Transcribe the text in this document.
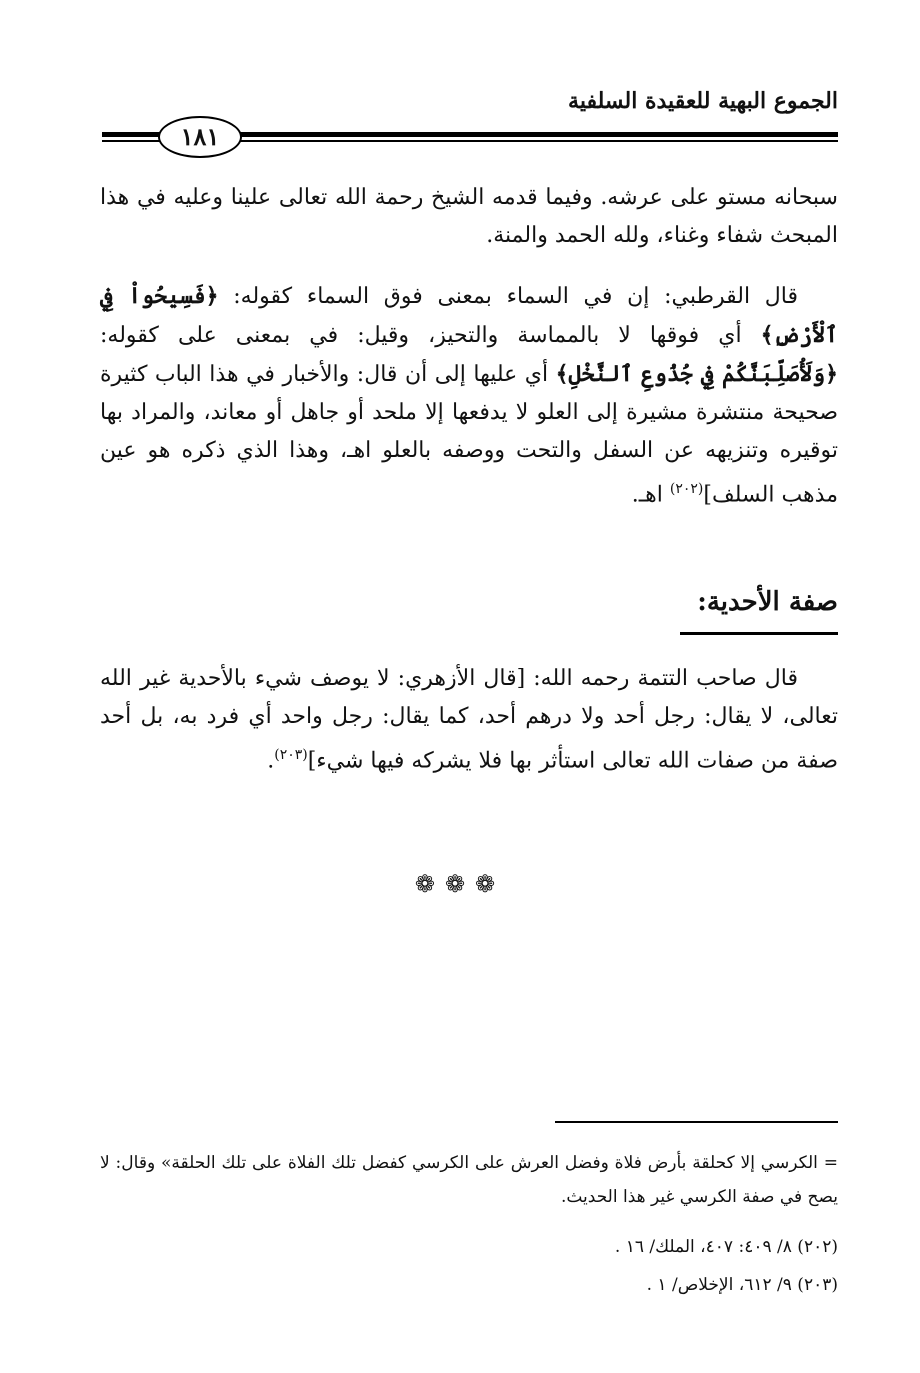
الجموع البهية للعقيدة السلفية
١٨١

سبحانه مستو على عرشه. وفيما قدمه الشيخ رحمة الله تعالى علينا وعليه في هذا المبحث شفاء وغناء، ولله الحمد والمنة.

قال القرطبي: إن في السماء بمعنى فوق السماء كقوله: ﴿فَسِيحُواْ فِي ٱلْأَرْضِ﴾ أي فوقها لا بالمماسة والتحيز، وقيل: في بمعنى على كقوله: ﴿وَلَأُصَلِّبَنَّكُمْ فِي جُذُوعِ ٱلنَّخْلِ﴾ أي عليها إلى أن قال: والأخبار في هذا الباب كثيرة صحيحة منتشرة مشيرة إلى العلو لا يدفعها إلا ملحد أو جاهل أو معاند، والمراد بها توقيره وتنزيهه عن السفل والتحت ووصفه بالعلو اهـ، وهذا الذي ذكره هو عين مذهب السلف]$^{(٢٠٢)}$ اهـ.

صفة الأحدية:

قال صاحب التتمة رحمه الله: [قال الأزهري: لا يوصف شيء بالأحدية غير الله تعالى، لا يقال: رجل أحد ولا درهم أحد، كما يقال: رجل واحد أي فرد به، بل أحد صفة من صفات الله تعالى استأثر بها فلا يشركه فيها شيء]$^{(٢٠٣)}$.

❁❁❁

= الكرسي إلا كحلقة بأرض فلاة وفضل العرش على الكرسي كفضل تلك الفلاة على تلك الحلقة» وقال: لا يصح في صفة الكرسي غير هذا الحديث.

(٢٠٢) ٨/ ٤٠٩: ٤٠٧، الملك/ ١٦ .

(٢٠٣) ٩/ ٦١٢، الإخلاص/ ١ .
